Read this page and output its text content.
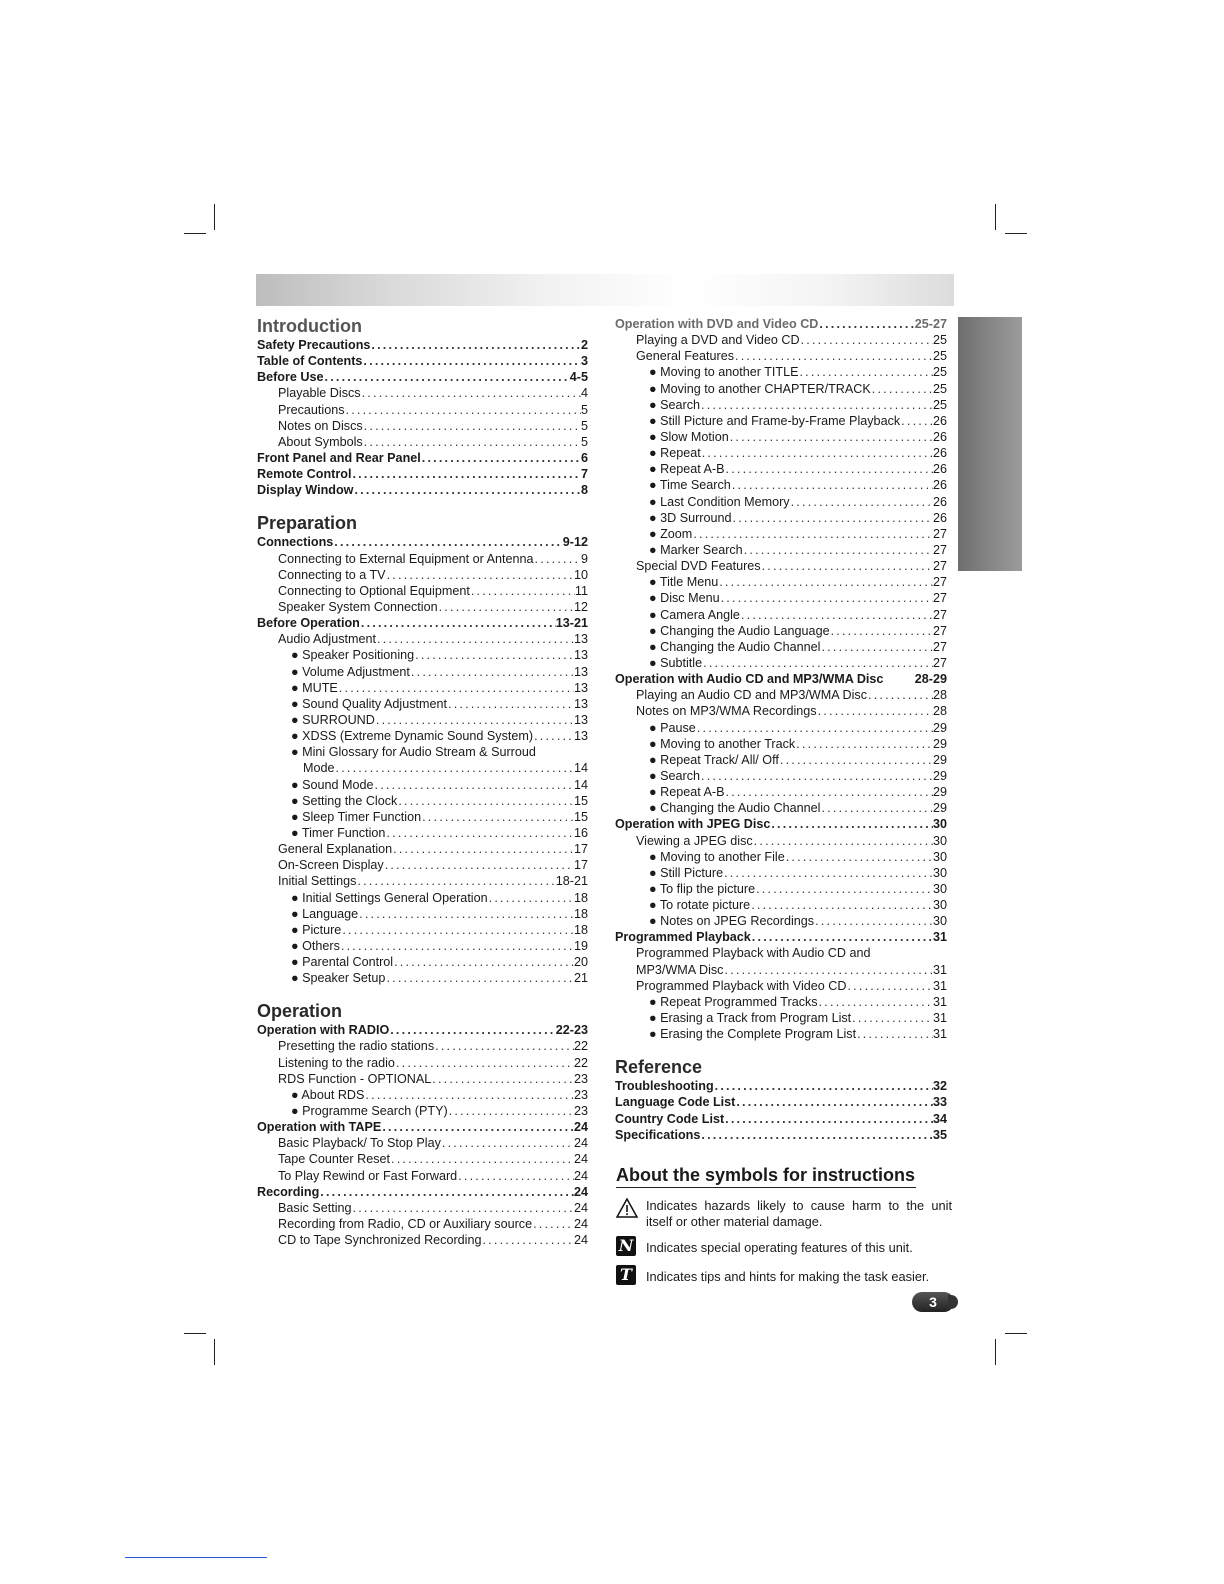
Introduction
Safety Precautions .....	2
Table of Contents .....	3
Before Use .....	4-5
Playable Discs .....	4
Precautions .....	5
Notes on Discs .....	5
About Symbols .....	5
Front Panel and Rear Panel .....	6
Remote Control .....	7
Display Window .....	8
Preparation
Connections .....	9-12
Connecting to External Equipment or Antenna .....	9
Connecting to a TV .....	10
Connecting to Optional Equipment .....	11
Speaker System Connection .....	12
Before Operation .....	13-21
Audio Adjustment .....	13
● Speaker Positioning .....	13
● Volume Adjustment .....	13
● MUTE .....	13
● Sound Quality Adjustment .....	13
● SURROUND .....	13
● XDSS (Extreme Dynamic Sound System) .....	13
● Mini Glossary for Audio Stream & Surroud
Mode .....	14
● Sound Mode .....	14
● Setting the Clock .....	15
● Sleep Timer Function .....	15
● Timer Function .....	16
General Explanation .....	17
On-Screen Display .....	17
Initial Settings .....	18-21
● Initial Settings General Operation .....	18
● Language .....	18
● Picture .....	18
● Others .....	19
● Parental Control .....	20
● Speaker Setup .....	21
Operation
Operation with RADIO .....	22-23
Presetting the radio stations .....	22
Listening to the radio .....	22
RDS Function - OPTIONAL .....	23
● About RDS .....	23
● Programme Search (PTY) .....	23
Operation with TAPE .....	24
Basic Playback/ To Stop Play .....	24
Tape Counter Reset .....	24
To Play Rewind or Fast Forward .....	24
Recording .....	24
Basic Setting .....	24
Recording from Radio, CD or Auxiliary source .....	24
CD to Tape Synchronized Recording .....	24
Operation with DVD and Video CD .....	25-27
Playing a DVD and Video CD .....	25
General Features .....	25
● Moving to another TITLE .....	25
● Moving to another CHAPTER/TRACK .....	25
● Search .....	25
● Still Picture and Frame-by-Frame Playback .....	26
● Slow Motion .....	26
● Repeat .....	26
● Repeat A-B .....	26
● Time Search .....	26
● Last Condition Memory .....	26
● 3D Surround .....	26
● Zoom .....	27
● Marker Search .....	27
Special DVD Features .....	27
● Title Menu .....	27
● Disc Menu .....	27
● Camera Angle .....	27
● Changing the Audio Language .....	27
● Changing the Audio Channel .....	27
● Subtitle .....	27
Operation with Audio CD and MP3/WMA Disc 28-29
Playing an Audio CD and MP3/WMA Disc .....	28
Notes on MP3/WMA Recordings .....	28
● Pause .....	29
● Moving to another Track .....	29
● Repeat Track/ All/ Off .....	29
● Search .....	29
● Repeat A-B .....	29
● Changing the Audio Channel .....	29
Operation with JPEG Disc .....	30
Viewing a JPEG disc .....	30
● Moving to another File .....	30
● Still Picture .....	30
● To flip the picture .....	30
● To rotate picture .....	30
● Notes on JPEG Recordings .....	30
Programmed Playback .....	31
Programmed Playback with Audio CD and
MP3/WMA Disc .....	31
Programmed Playback with Video CD .....	31
● Repeat Programmed Tracks .....	31
● Erasing a Track from Program List .....	31
● Erasing the Complete Program List .....	31
Reference
Troubleshooting .....	32
Language Code List .....	33
Country Code List .....	34
Specifications .....	35
About the symbols for instructions
Indicates hazards likely to cause harm to the unit itself or other material damage.
N Indicates special operating features of this unit.
T	Indicates tips and hints for making the task easier.
3
